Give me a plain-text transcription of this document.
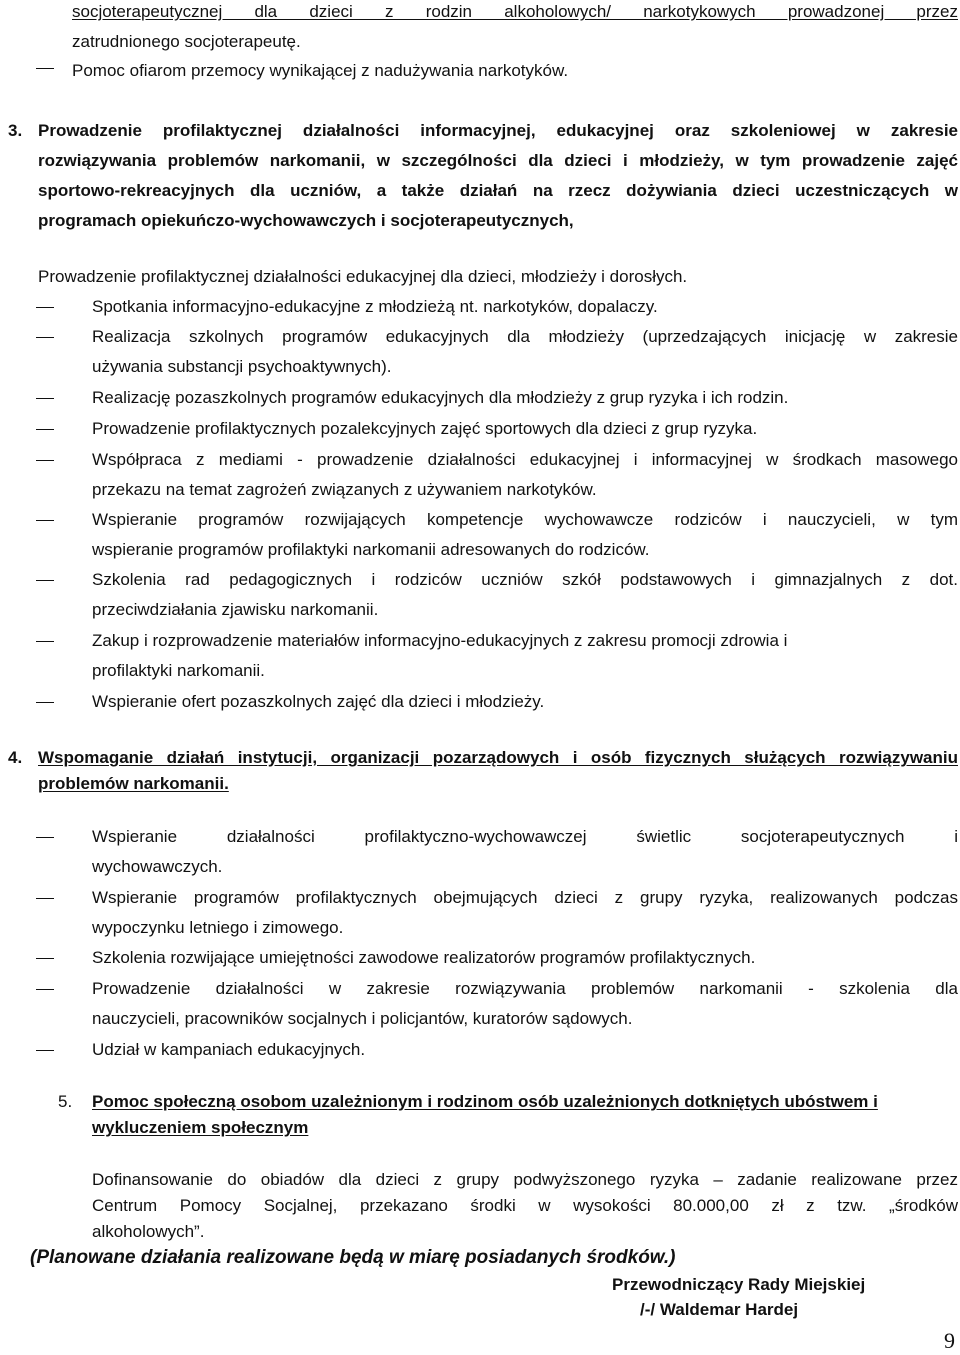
socjoterapeutycznej dla dzieci z rodzin alkoholowych/ narkotykowych prowadzonej przez
zatrudnionego socjoterapeutę.
Pomoc ofiarom przemocy wynikającej z nadużywania narkotyków.
3. Prowadzenie profilaktycznej działalności informacyjnej, edukacyjnej oraz szkoleniowej w zakresie
rozwiązywania problemów narkomanii, w szczególności dla dzieci i młodzieży, w tym prowadzenie zajęć
sportowo-rekreacyjnych dla uczniów, a także działań na rzecz dożywiania dzieci uczestniczących w
programach opiekuńczo-wychowawczych i socjoterapeutycznych,
Prowadzenie profilaktycznej działalności edukacyjnej dla dzieci, młodzieży i dorosłych.
Spotkania informacyjno-edukacyjne z młodzieżą nt. narkotyków, dopalaczy.
Realizacja szkolnych programów edukacyjnych dla młodzieży (uprzedzających inicjację w zakresie
używania substancji psychoaktywnych).
Realizację pozaszkolnych programów edukacyjnych dla młodzieży z grup ryzyka i ich rodzin.
Prowadzenie profilaktycznych pozalekcyjnych zajęć sportowych dla dzieci z grup ryzyka.
Współpraca z mediami - prowadzenie działalności edukacyjnej i informacyjnej w środkach masowego
przekazu na temat zagrożeń związanych z używaniem narkotyków.
Wspieranie programów rozwijających kompetencje wychowawcze rodziców i nauczycieli, w tym
wspieranie programów profilaktyki narkomanii adresowanych do rodziców.
Szkolenia rad pedagogicznych i rodziców uczniów szkół podstawowych i gimnazjalnych z dot.
przeciwdziałania zjawisku narkomanii.
Zakup i rozprowadzenie materiałów informacyjno-edukacyjnych z zakresu promocji zdrowia i
profilaktyki narkomanii.
Wspieranie ofert pozaszkolnych zajęć dla dzieci i młodzieży.
4. Wspomaganie działań instytucji, organizacji pozarządowych i osób fizycznych służących rozwiązywaniu
problemów narkomanii.
Wspieranie działalności profilaktyczno-wychowawczej świetlic socjoterapeutycznych i
wychowawczych.
Wspieranie programów profilaktycznych obejmujących dzieci z grupy ryzyka, realizowanych podczas
wypoczynku letniego i zimowego.
Szkolenia rozwijające umiejętności zawodowe realizatorów programów profilaktycznych.
Prowadzenie działalności w zakresie rozwiązywania problemów narkomanii - szkolenia dla
nauczycieli, pracowników socjalnych i policjantów, kuratorów sądowych.
Udział w kampaniach edukacyjnych.
5. Pomoc społeczną osobom uzależnionym i rodzinom osób uzależnionych dotkniętych ubóstwem i
wykluczeniem społecznym
Dofinansowanie do obiadów dla dzieci z grupy podwyższonego ryzyka – zadanie realizowane przez
Centrum Pomocy Socjalnej, przekazano środki w wysokości 80.000,00 zł z tzw. „środków
alkoholowych”.
(Planowane działania realizowane będą w miarę posiadanych środków.)
Przewodniczący Rady Miejskiej
/-/ Waldemar Hardej
9
